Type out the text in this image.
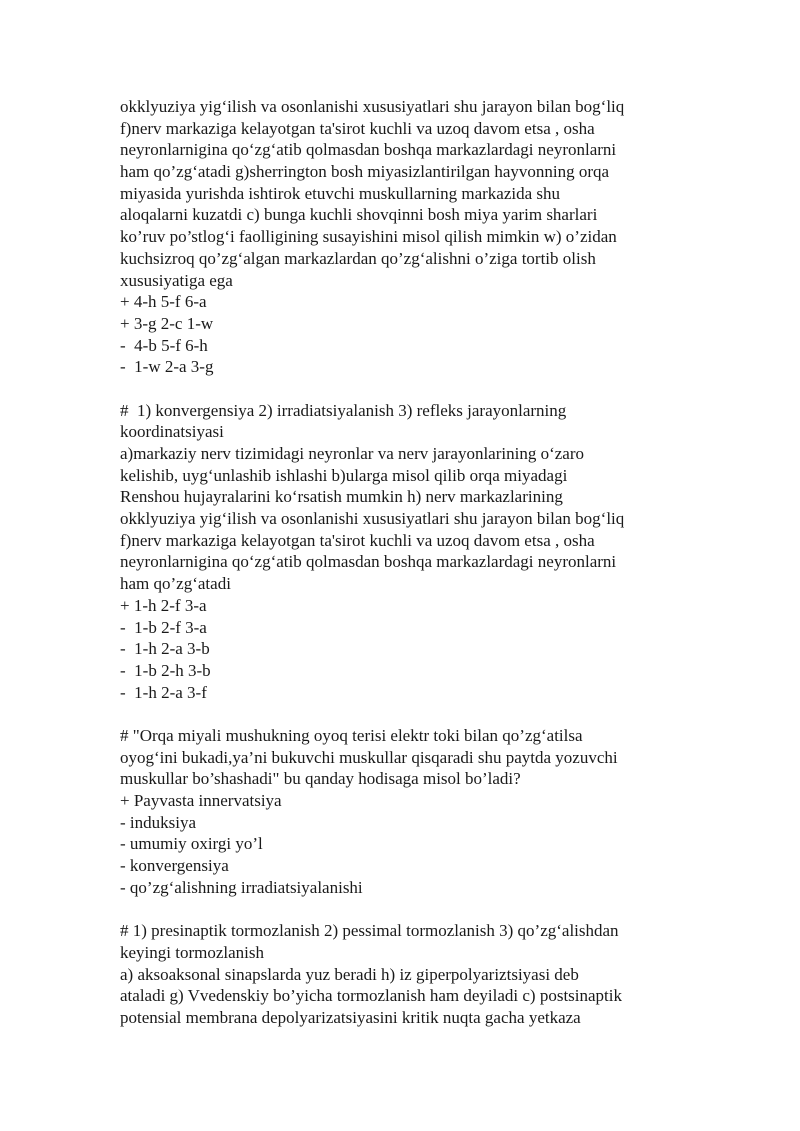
okklyuziya yig‘ilish va osonlanishi xususiyatlari shu jarayon bilan bog‘liq
f)nerv markaziga kelayotgan ta'sirot kuchli va uzoq davom etsa , osha
neyronlarnigina qo‘zg‘atib qolmasdan boshqa markazlardagi neyronlarni
ham qo’zg‘atadi g)sherrington bosh miyasizlantirilgan hayvonning orqa
miyasida yurishda ishtirok etuvchi muskullarning markazida shu
aloqalarni kuzatdi c) bunga kuchli shovqinni bosh miya yarim sharlari
ko’ruv po’stlog‘i faolligining susayishini misol qilish mimkin w) o’zidan
kuchsizroq qo’zg‘algan markazlardan qo’zg‘alishni o’ziga tortib olish
xususiyatiga ega
+ 4-h 5-f 6-a
+ 3-g 2-c 1-w
-  4-b 5-f 6-h
-  1-w 2-a 3-g
#  1) konvergensiya 2) irradiatsiyalanish 3) refleks jarayonlarning
koordinatsiyasi
a)markaziy nerv tizimidagi neyronlar va nerv jarayonlarining o‘zaro
kelishib, uyg‘unlashib ishlashi b)ularga misol qilib orqa miyadagi
Renshou hujayralarini ko‘rsatish mumkin h) nerv markazlarining
okklyuziya yig‘ilish va osonlanishi xususiyatlari shu jarayon bilan bog‘liq
f)nerv markaziga kelayotgan ta'sirot kuchli va uzoq davom etsa , osha
neyronlarnigina qo‘zg‘atib qolmasdan boshqa markazlardagi neyronlarni
ham qo’zg‘atadi
+ 1-h 2-f 3-a
-  1-b 2-f 3-a
-  1-h 2-a 3-b
-  1-b 2-h 3-b
-  1-h 2-a 3-f
# "Orqa miyali mushukning oyoq terisi elektr toki bilan qo’zg‘atilsa
oyog‘ini bukadi,ya’ni bukuvchi muskullar qisqaradi shu paytda yozuvchi
muskullar bo’shashadi" bu qanday hodisaga misol bo’ladi?
+ Payvasta innervatsiya
- induksiya
- umumiy oxirgi yo’l
- konvergensiya
- qo’zg‘alishning irradiatsiyalanishi
# 1) presinaptik tormozlanish 2) pessimal tormozlanish 3) qo’zg‘alishdan
keyingi tormozlanish
a) aksoaksonal sinapslarda yuz beradi h) iz giperpolyariztsiyasi deb
ataladi g) Vvedenskiy bo’yicha tormozlanish ham deyiladi c) postsinaptik
potensial membrana depolyarizatsiyasini kritik nuqta gacha yetkaza
